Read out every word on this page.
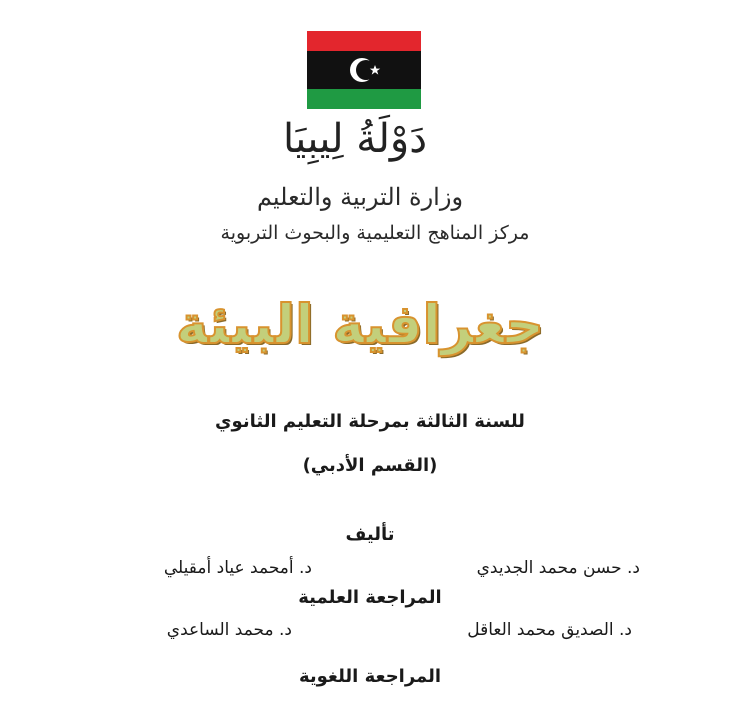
دَوْلَةُ لِيبِيَا
وزارة التربية والتعليم
مركز المناهج التعليمية والبحوث التربوية
جغرافية البيئة
للسنة الثالثة بمرحلة التعليم الثانوي
(القسم الأدبي)
تأليف
د. حسن محمد الجديدي
د. أمحمد عياد أمقيلي
المراجعة العلمية
د. الصديق محمد العاقل
د. محمد الساعدي
المراجعة اللغوية
